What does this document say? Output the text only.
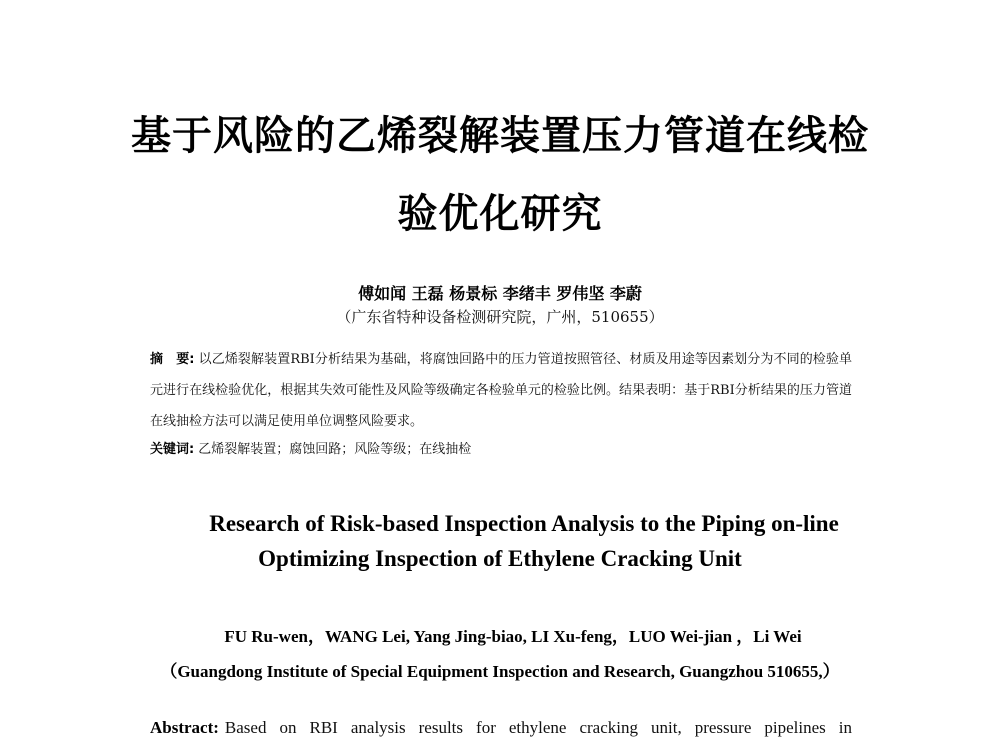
基于风险的乙烯裂解装置压力管道在线检
验优化研究
傅如闻 王磊 杨景标 李绪丰 罗伟坚 李蔚
（广东省特种设备检测研究院，广州，510655）
摘　要: 以乙烯裂解装置RBI分析结果为基础，将腐蚀回路中的压力管道按照管径、材质及用途等因素划分为不同的检验单元进行在线检验优化，根据其失效可能性及风险等级确定各检验单元的检验比例。结果表明：基于RBI分析结果的压力管道在线抽检方法可以满足使用单位调整风险要求。
关键词: 乙烯裂解装置；腐蚀回路；风险等级；在线抽检
Research of Risk-based Inspection Analysis to the Piping on-line
Optimizing Inspection of Ethylene Cracking Unit
FU Ru-wen，WANG Lei, Yang Jing-biao, LI Xu-feng，LUO Wei-jian ，Li Wei
（Guangdong Institute of Special Equipment Inspection and Research, Guangzhou 510655,）
Abstract: Based on RBI analysis results for ethylene cracking unit, pressure pipelines in
